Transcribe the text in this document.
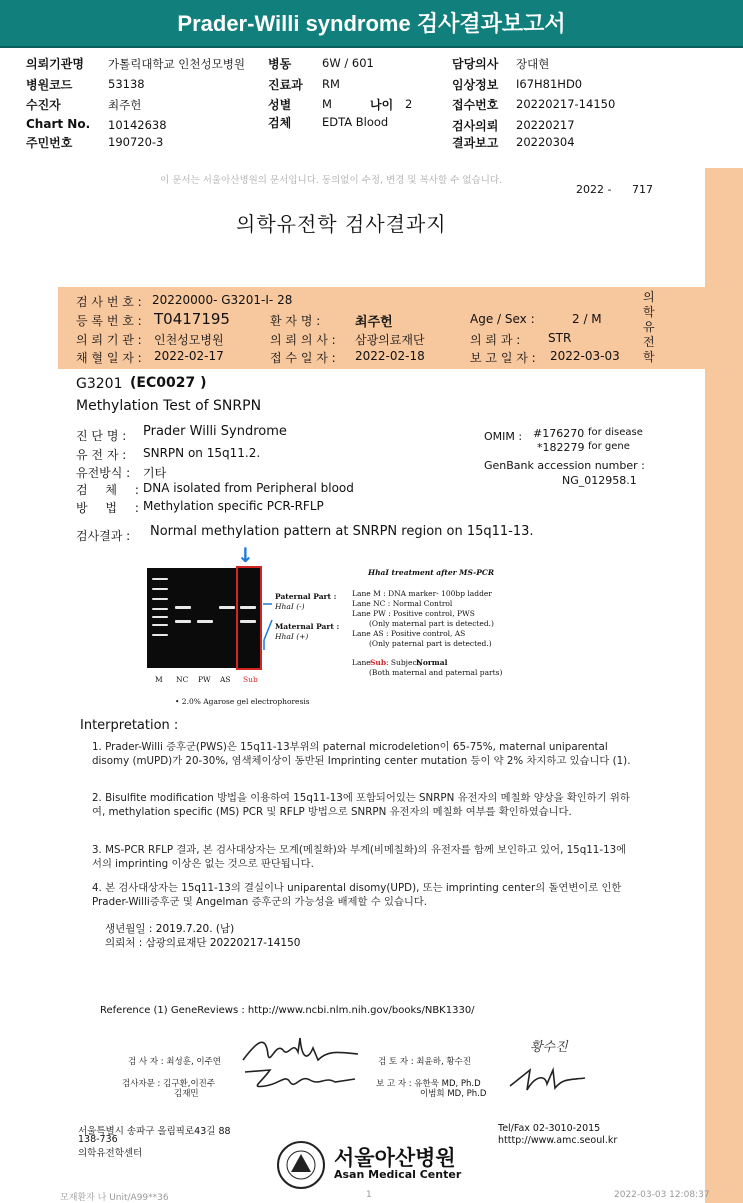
Prader-Willi syndrome 검사결과보고서
의뢰기관명 가톨릭대학교 인천성모병원
병원코드	53138
수진자	최주헌
Chart No. 10142638
주민번호	190720-3
병동	6W / 601
진료과 RM
성별	M	나이 2
검체	EDTA Blood
담당의사 장대현
임상정보 I67H81HD0
접수번호 20220217-14150
검사의뢰 20220217
결과보고 20220304
이 문서는 서울아산병원의 문서입니다. 동의없이 수정, 변경 및 복사할 수 없습니다.
2022 - 717
의학유전학 검사결과지
의학유전학
검 사 번 호 : 20220000- G3201-I- 28
등 록 번 호 : T0417195	환 자 명 :	최주헌	Age / Sex :	2 / M
의 뢰 기 관 : 인천성모병원	의 뢰 의 사 : 삼광의료재단	의 뢰 과 : STR
채 혈 일 자 : 2022-02-17	접 수 일 자 : 2022-02-18	보 고 일 자 : 2022-03-03
G3201 (EC0027 )
Methylation Test of SNRPN
진 단 명 : Prader Willi Syndrome
유 전 자 : SNRPN on 15q11.2.
유전방식 : 기타
검 체 : DNA isolated from Peripheral blood
방 법 : Methylation specific PCR-RFLP
OMIM : #176270 for disease
*182279 for gene
GenBank accession number :
NG_012958.1
검사결과 : Normal methylation pattern at SNRPN region on 15q11-13.
↓
M NC PW AS Sub
Paternal Part :
HhaI (-)
Maternal Part :
HhaI (+)
HhaI treatment after MS-PCR
Lane M : DNA marker- 100bp ladder
Lane NC : Normal Control
Lane PW : Positive control, PWS
(Only maternal part is detected.)
Lane AS : Positive control, AS
(Only paternal part is detected.)
Lane Sub : Subject,
Normal
(Both maternal and paternal parts)
• 2.0% Agarose gel electrophoresis
Interpretation :
1. Prader-Willi 증후군(PWS)은 15q11-13부위의 paternal microdeletion이 65-75%, maternal uniparental disomy (mUPD)가 20-30%, 염색체이상이 동반된 Imprinting center mutation 등이 약 2% 차지하고 있습니다 (1).
2. Bisulfite modification 방법을 이용하여 15q11-13에 포함되어있는 SNRPN 유전자의 메칠화 양상을 확인하기 위하여, methylation specific (MS) PCR 및 RFLP 방법으로 SNRPN 유전자의 메칠화 여부를 확인하였습니다.
3. MS-PCR RFLP 결과, 본 검사대상자는 모계(메칠화)와 부계(비메칠화)의 유전자를 함께 보인하고 있어, 15q11-13에서의 imprinting 이상은 없는 것으로 판단됩니다.
4. 본 검사대상자는 15q11-13의 결실이나 uniparental disomy(UPD), 또는 imprinting center의 돌연변이로 인한 Prader-Willi증후군 및 Angelman 증후군의 가능성을 배제할 수 있습니다.
생년월일 : 2019.7.20. (남)
의뢰처 : 삼광의료재단 20220217-14150
Reference (1) GeneReviews : http://www.ncbi.nlm.nih.gov/books/NBK1330/
검 사 자 : 최성훈, 이주연	검 토 자 : 최윤하, 황수진
검사자문 : 김구환,이진주
김재민
보 고 자 : 유한욱 MD, Ph.D
이범희 MD, Ph.D
황수진
서울특별시 송파구 올림픽로43길 88
138-736
의학유전학센터
Tel/Fax 02-3010-2015
htttp://www.amc.seoul.kr
서울아산병원
Asan Medical Center
모재환자 나 Unit/A99**36	1	2022-03-03 12:08:37
